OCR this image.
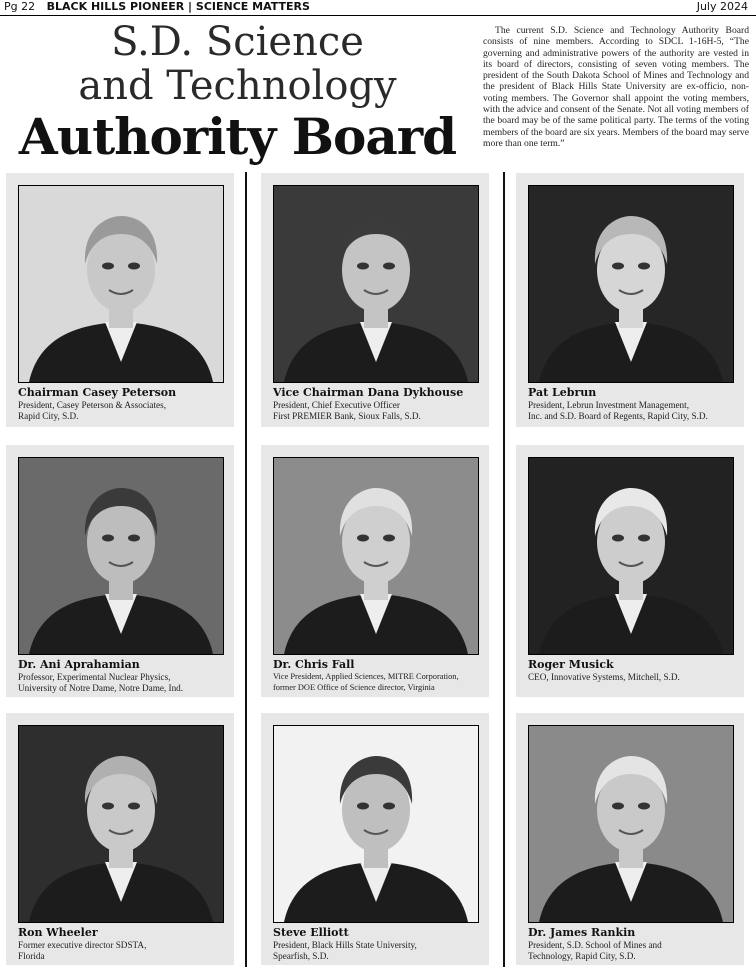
Pg 22 BLACK HILLS PIONEER | SCIENCE MATTERS	July 2024
S.D. Science
and Technology
Authority Board

The current S.D. Science and Technology Authority Board consists of nine members. According to SDCL 1-16H-5, “The governing and administrative powers of the authority are vested in its board of directors, consisting of seven voting members. The president of the South Dakota School of Mines and Technology and the president of Black Hills State University are ex-officio, non-voting members. The Governor shall appoint the voting members, with the advice and consent of the Senate. Not all voting members of the board may be of the same political party. The terms of the voting members of the board are six years. Members of the board may serve more than one term.”

Chairman Casey Peterson
President, Casey Peterson & Associates,
Rapid City, S.D.
Vice Chairman Dana Dykhouse
President, Chief Executive Officer
First PREMIER Bank, Sioux Falls, S.D.
Pat Lebrun
President, Lebrun Investment Management,
Inc. and S.D. Board of Regents, Rapid City, S.D.
Dr. Ani Aprahamian
Professor, Experimental Nuclear Physics,
University of Notre Dame, Notre Dame, Ind.
Dr. Chris Fall
Vice President, Applied Sciences, MITRE Corporation,
former DOE Office of Science director, Virginia
Roger Musick
CEO, Innovative Systems, Mitchell, S.D.
Ron Wheeler
Former executive director SDSTA,
Florida
Steve Elliott
President, Black Hills State University,
Spearfish, S.D.
Dr. James Rankin
President, S.D. School of Mines and
Technology, Rapid City, S.D.
